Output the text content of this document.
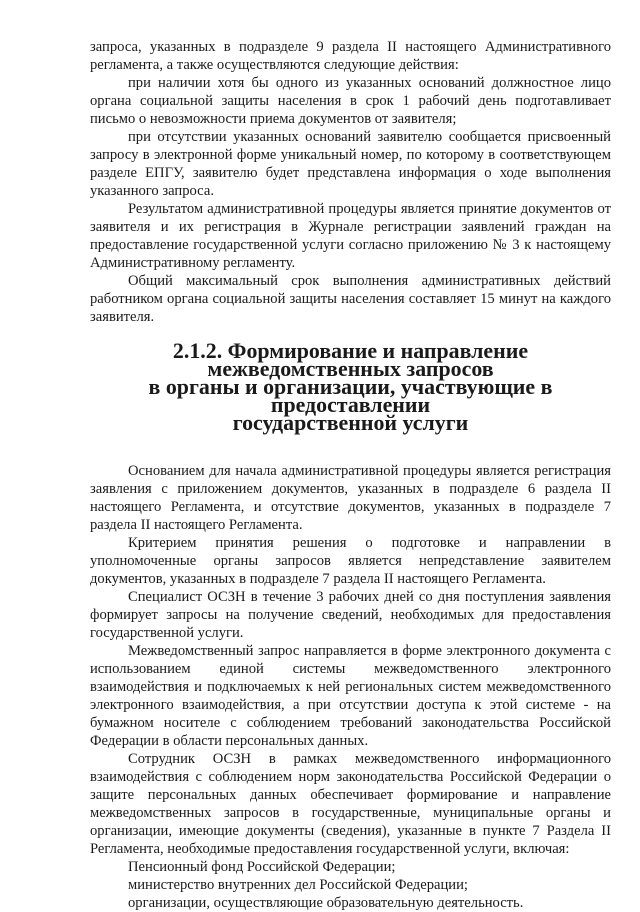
запроса, указанных в подразделе 9 раздела II настоящего Административного регламента, а также осуществляются следующие действия:

при наличии хотя бы одного из указанных оснований должностное лицо органа социальной защиты населения в срок 1 рабочий день подготавливает письмо о невозможности приема документов от заявителя;

при отсутствии указанных оснований заявителю сообщается присвоенный запросу в электронной форме уникальный номер, по которому в соответствующем разделе ЕПГУ, заявителю будет представлена информация о ходе выполнения указанного запроса.

Результатом административной процедуры является принятие документов от заявителя и их регистрация в Журнале регистрации заявлений граждан на предоставление государственной услуги согласно приложению № 3 к настоящему Административному регламенту.

Общий максимальный срок выполнения административных действий работником органа социальной защиты населения составляет 15 минут на каждого заявителя.

2.1.2. Формирование и направление межведомственных запросов
в органы и организации, участвующие в предоставлении
государственной услуги

Основанием для начала административной процедуры является регистрация заявления с приложением документов, указанных в подразделе 6 раздела II настоящего Регламента, и отсутствие документов, указанных в подразделе 7 раздела II настоящего Регламента.

Критерием принятия решения о подготовке и направлении в уполномоченные органы запросов является непредставление заявителем документов, указанных в подразделе 7 раздела II настоящего Регламента.

Специалист ОСЗН в течение 3 рабочих дней со дня поступления заявления формирует запросы на получение сведений, необходимых для предоставления государственной услуги.

Межведомственный запрос направляется в форме электронного документа с использованием единой системы межведомственного электронного взаимодействия и подключаемых к ней региональных систем межведомственного электронного взаимодействия, а при отсутствии доступа к этой системе - на бумажном носителе с соблюдением требований законодательства Российской Федерации в области персональных данных.

Сотрудник ОСЗН в рамках межведомственного информационного взаимодействия с соблюдением норм законодательства Российской Федерации о защите персональных данных обеспечивает формирование и направление межведомственных запросов в государственные, муниципальные органы и организации, имеющие документы (сведения), указанные в пункте 7 Раздела II Регламента, необходимые предоставления государственной услуги, включая:

Пенсионный фонд Российской Федерации;

министерство внутренних дел Российской Федерации;

организации, осуществляющие образовательную деятельность.
